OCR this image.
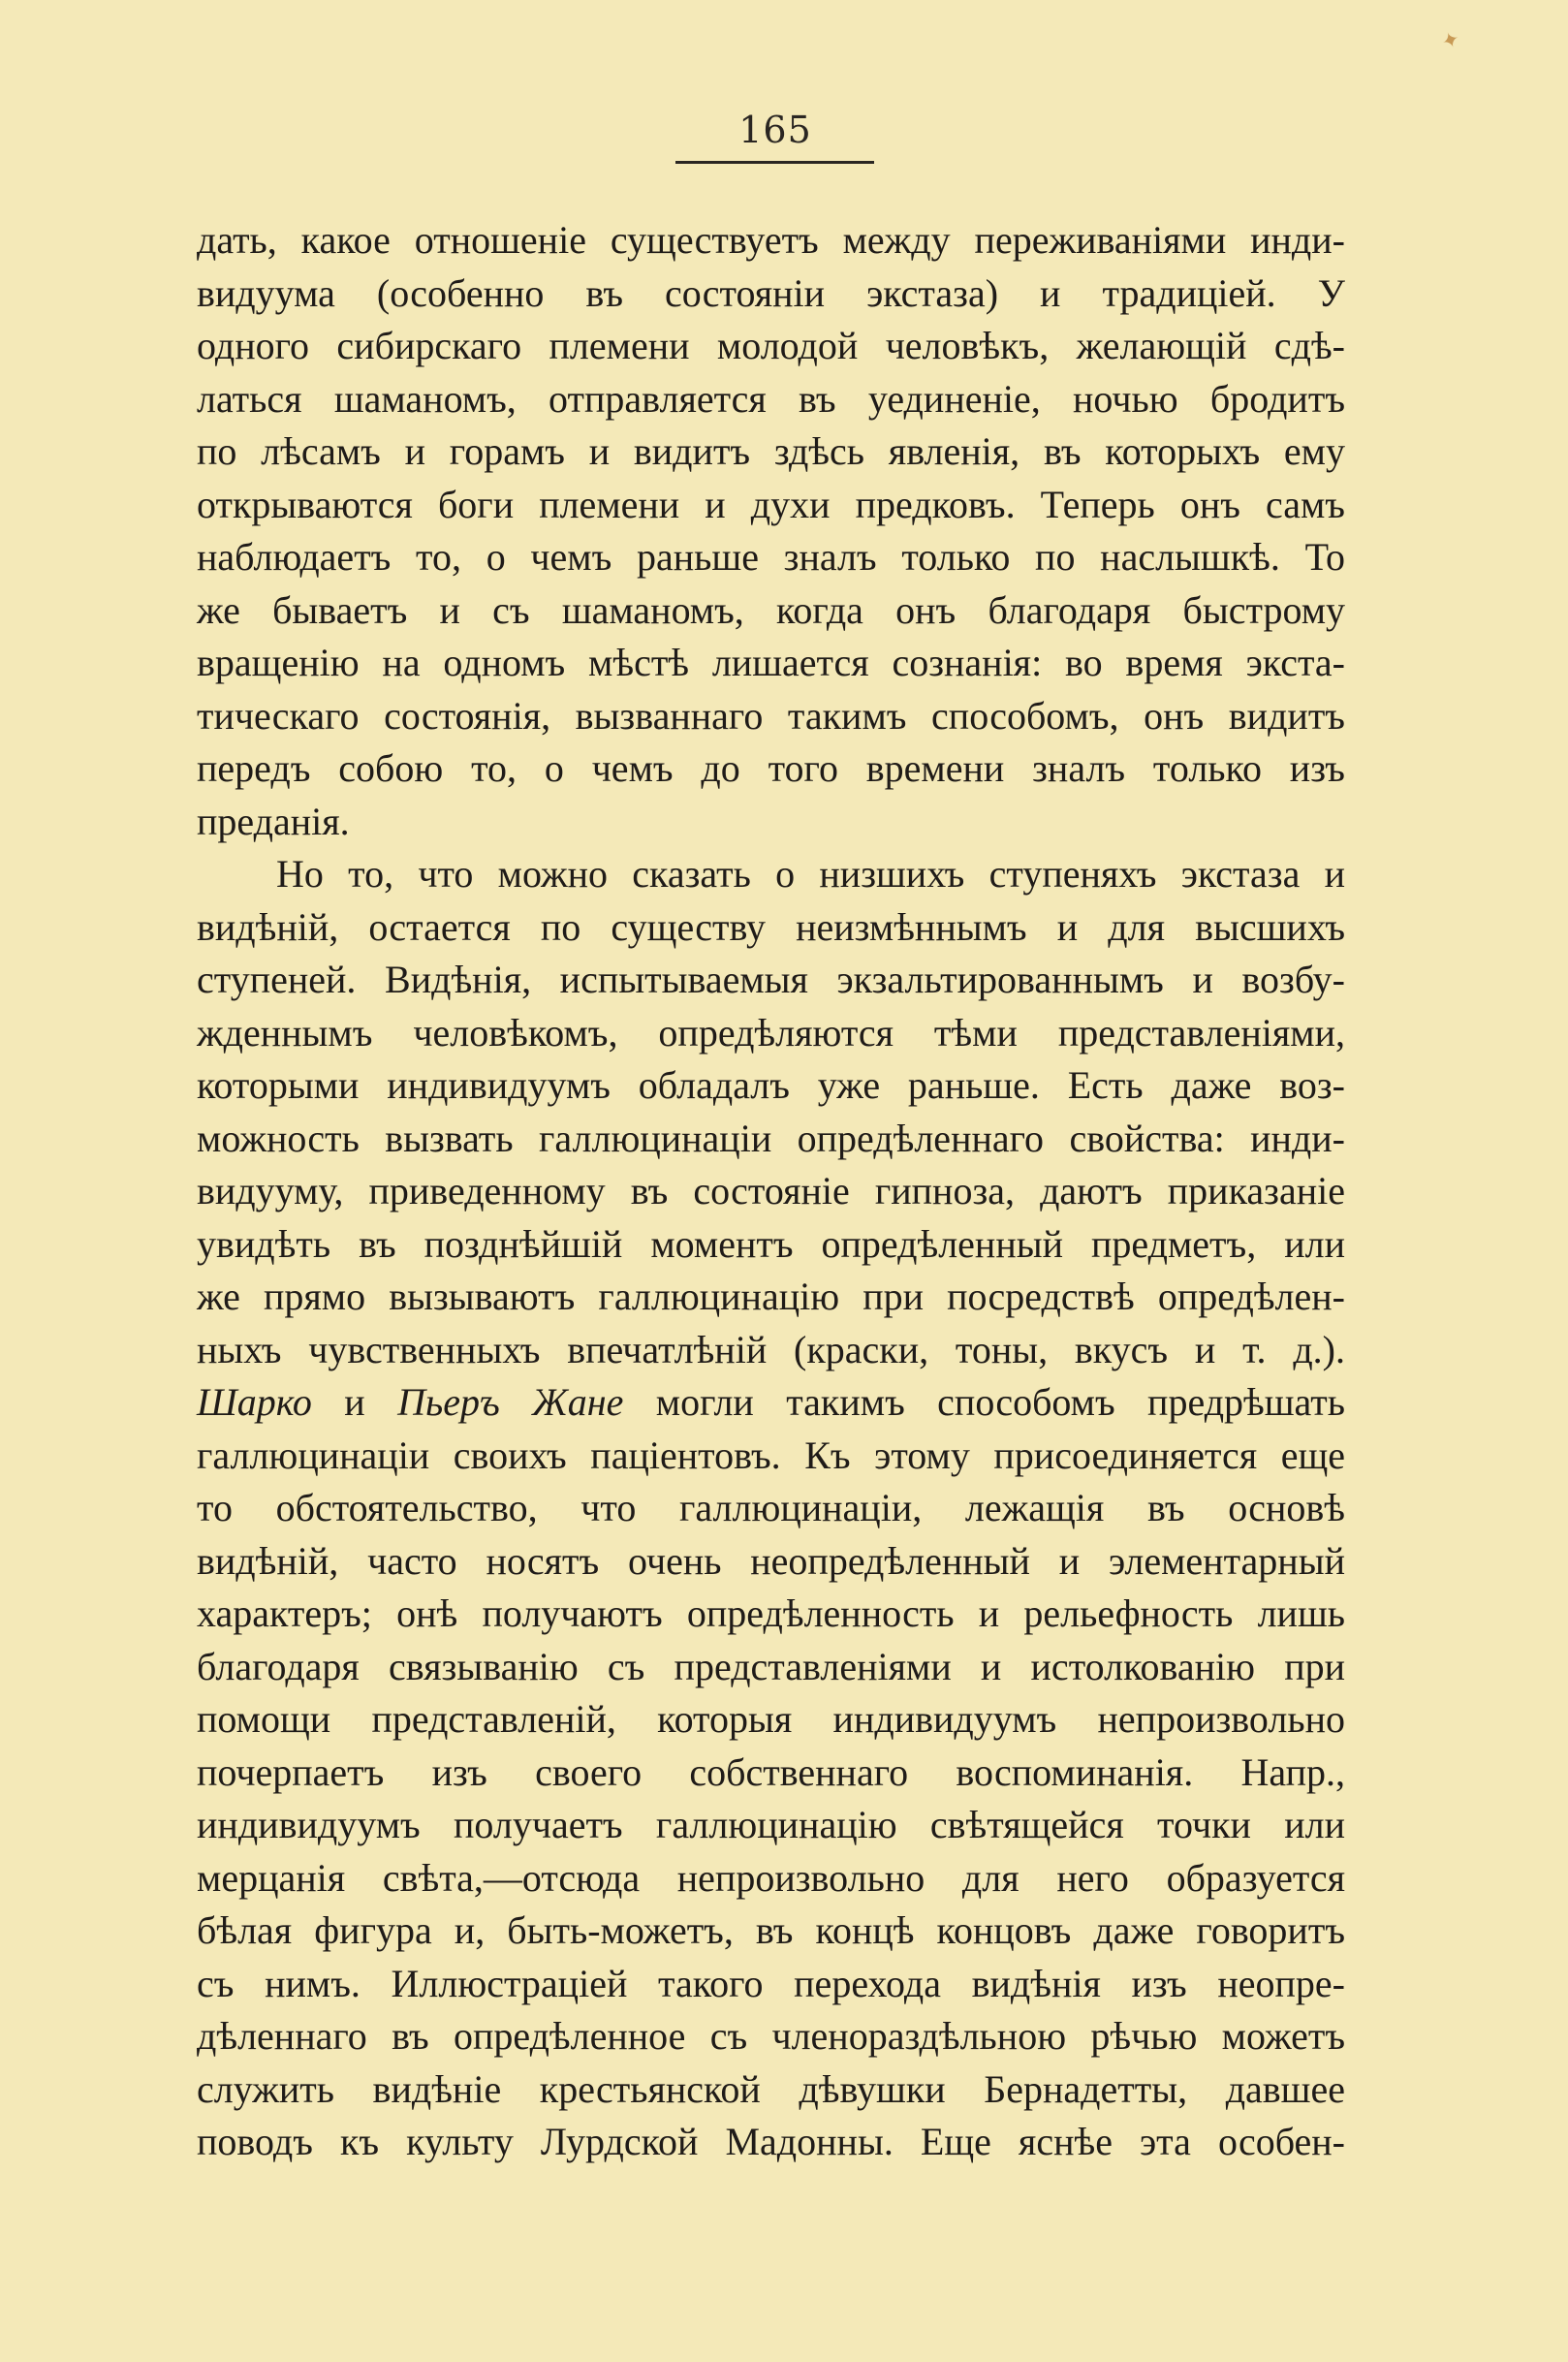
✦
165
дать, какое отношеніе существуетъ между переживаніями инди-
видуума (особенно въ состояніи экстаза) и традиціей. У
одного сибирскаго племени молодой человѣкъ, желающій сдѣ-
латься шаманомъ, отправляется въ уединеніе, ночью бродитъ
по лѣсамъ и горамъ и видитъ здѣсь явленія, въ которыхъ ему
открываются боги племени и духи предковъ. Теперь онъ самъ
наблюдаетъ то, о чемъ раньше зналъ только по наслышкѣ. То
же бываетъ и съ шаманомъ, когда онъ благодаря быстрому
вращенію на одномъ мѣстѣ лишается сознанія: во время экста-
тическаго состоянія, вызваннаго такимъ способомъ, онъ видитъ
передъ собою то, о чемъ до того времени зналъ только изъ
преданія.
Но то, что можно сказать о низшихъ ступеняхъ экстаза и
видѣній, остается по существу неизмѣннымъ и для высшихъ
ступеней. Видѣнія, испытываемыя экзальтированнымъ и возбу-
жденнымъ человѣкомъ, опредѣляются тѣми представленіями,
которыми индивидуумъ обладалъ уже раньше. Есть даже воз-
можность вызвать галлюцинаціи опредѣленнаго свойства: инди-
видууму, приведенному въ состояніе гипноза, даютъ приказаніе
увидѣть въ позднѣйшій моментъ опредѣленный предметъ, или
же прямо вызываютъ галлюцинацію при посредствѣ опредѣлен-
ныхъ чувственныхъ впечатлѣній (краски, тоны, вкусъ и т. д.).
Шарко и Пьеръ Жане могли такимъ способомъ предрѣшать
галлюцинаціи своихъ паціентовъ. Къ этому присоединяется еще
то обстоятельство, что галлюцинаціи, лежащія въ основѣ
видѣній, часто носятъ очень неопредѣленный и элементарный
характеръ; онѣ получаютъ опредѣленность и рельефность лишь
благодаря связыванію съ представленіями и истолкованію при
помощи представленій, которыя индивидуумъ непроизвольно
почерпаетъ изъ своего собственнаго воспоминанія. Напр.,
индивидуумъ получаетъ галлюцинацію свѣтящейся точки или
мерцанія свѣта,—отсюда непроизвольно для него образуется
бѣлая фигура и, быть-можетъ, въ концѣ концовъ даже говоритъ
съ нимъ. Иллюстраціей такого перехода видѣнія изъ неопре-
дѣленнаго въ опредѣленное съ членораздѣльною рѣчью можетъ
служить видѣніе крестьянской дѣвушки Бернадетты, давшее
поводъ къ культу Лурдской Мадонны. Еще яснѣе эта особен-
